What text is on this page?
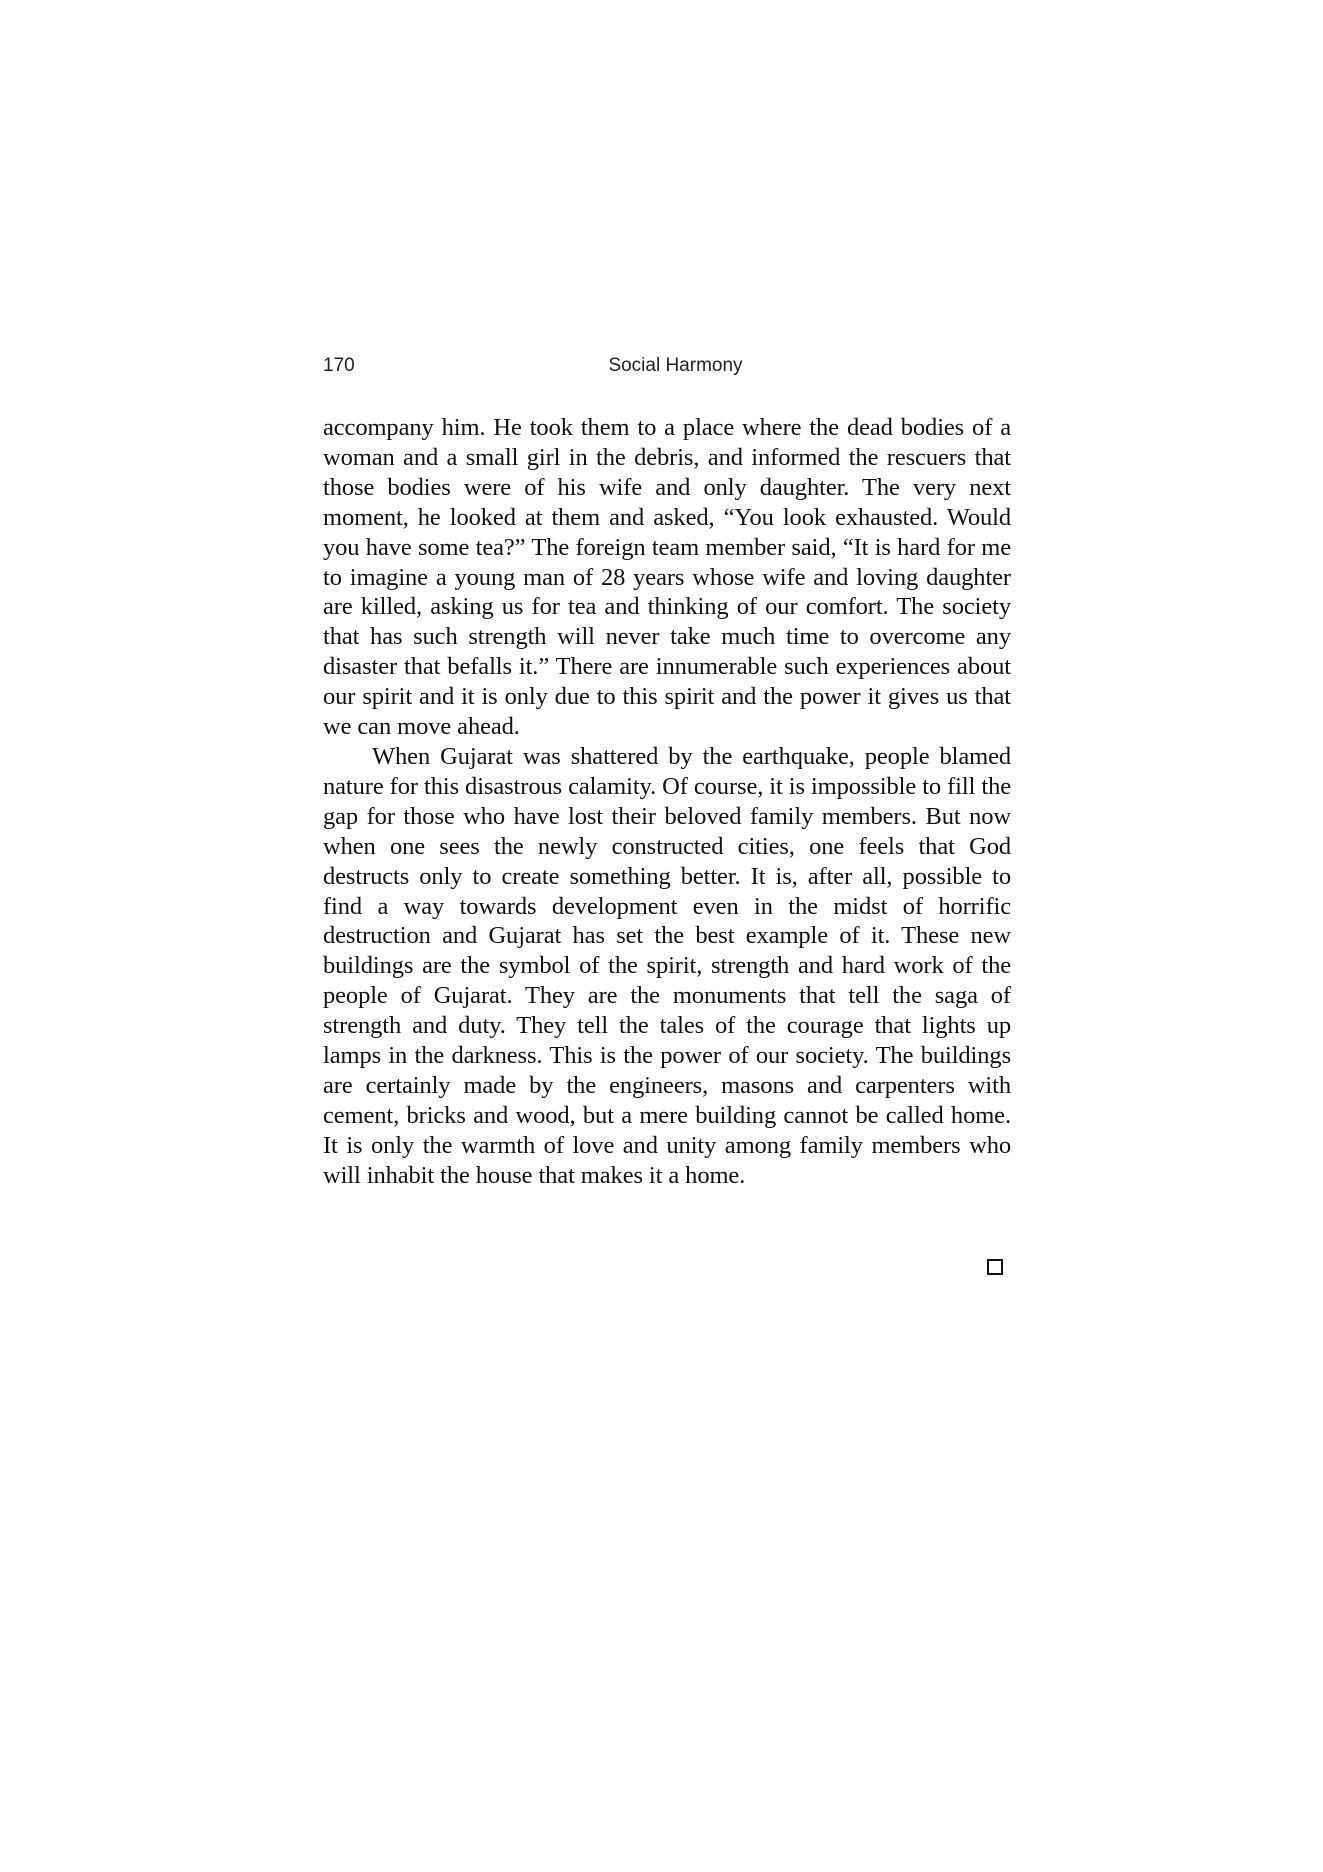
170	Social Harmony

accompany him. He took them to a place where the dead bodies of a woman and a small girl in the debris, and informed the rescuers that those bodies were of his wife and only daughter. The very next moment, he looked at them and asked, “You look exhausted. Would you have some tea?” The foreign team member said, “It is hard for me to imagine a young man of 28 years whose wife and loving daughter are killed, asking us for tea and thinking of our comfort. The society that has such strength will never take much time to overcome any disaster that befalls it.” There are innumerable such experiences about our spirit and it is only due to this spirit and the power it gives us that we can move ahead.

When Gujarat was shattered by the earthquake, people blamed nature for this disastrous calamity. Of course, it is impossible to fill the gap for those who have lost their beloved family members. But now when one sees the newly constructed cities, one feels that God destructs only to create something better. It is, after all, possible to find a way towards development even in the midst of horrific destruction and Gujarat has set the best example of it. These new buildings are the symbol of the spirit, strength and hard work of the people of Gujarat. They are the monuments that tell the saga of strength and duty. They tell the tales of the courage that lights up lamps in the darkness. This is the power of our society. The buildings are certainly made by the engineers, masons and carpenters with cement, bricks and wood, but a mere building cannot be called home. It is only the warmth of love and unity among family members who will inhabit the house that makes it a home.
